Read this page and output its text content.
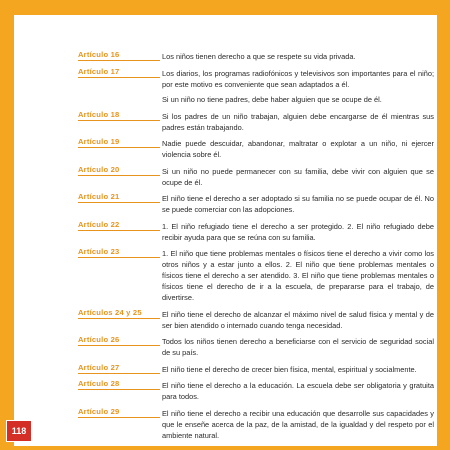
Artículo 16	Los niños tienen derecho a que se respete su vida privada.
Artículo 17	Los diarios, los programas radiofónicos y televisivos son importantes para el niño; por este motivo es conveniente que sean adaptados a él.
Si un niño no tiene padres, debe haber alguien que se ocupe de él.
Artículo 18	Si los padres de un niño trabajan, alguien debe encargarse de él mientras sus padres están trabajando.
Artículo 19	Nadie puede descuidar, abandonar, maltratar o explotar a un niño, ni ejercer violencia sobre él.
Artículo 20	Si un niño no puede permanecer con su familia, debe vivir con alguien que se ocupe de él.
Artículo 21	El niño tiene el derecho a ser adoptado si su familia no se puede ocupar de él. No se puede comerciar con las adopciones.
Artículo 22	1. El niño refugiado tiene el derecho a ser protegido. 2. El niño refugiado debe recibir ayuda para que se reúna con su familia.
Artículo 23	1. El niño que tiene problemas mentales o físicos tiene el derecho a vivir como los otros niños y a estar junto a ellos. 2. El niño que tiene problemas mentales o físicos tiene el derecho a ser atendido. 3. El niño que tiene problemas mentales o físicos tiene el derecho de ir a la escuela, de prepararse para el trabajo, de divertirse.
Artículos 24 y 25	El niño tiene el derecho de alcanzar el máximo nivel de salud física y mental y de ser bien atendido o internado cuando tenga necesidad.
Artículo 26	Todos los niños tienen derecho a beneficiarse con el servicio de seguridad social de su país.
Artículo 27	El niño tiene el derecho de crecer bien física, mental, espiritual y socialmente.
Artículo 28	El niño tiene el derecho a la educación. La escuela debe ser obligatoria y gratuita para todos.
Artículo 29	El niño tiene el derecho a recibir una educación que desarrolle sus capacidades y que le enseñe acerca de la paz, de la amistad, de la igualdad y del respeto por el ambiente natural.
118
